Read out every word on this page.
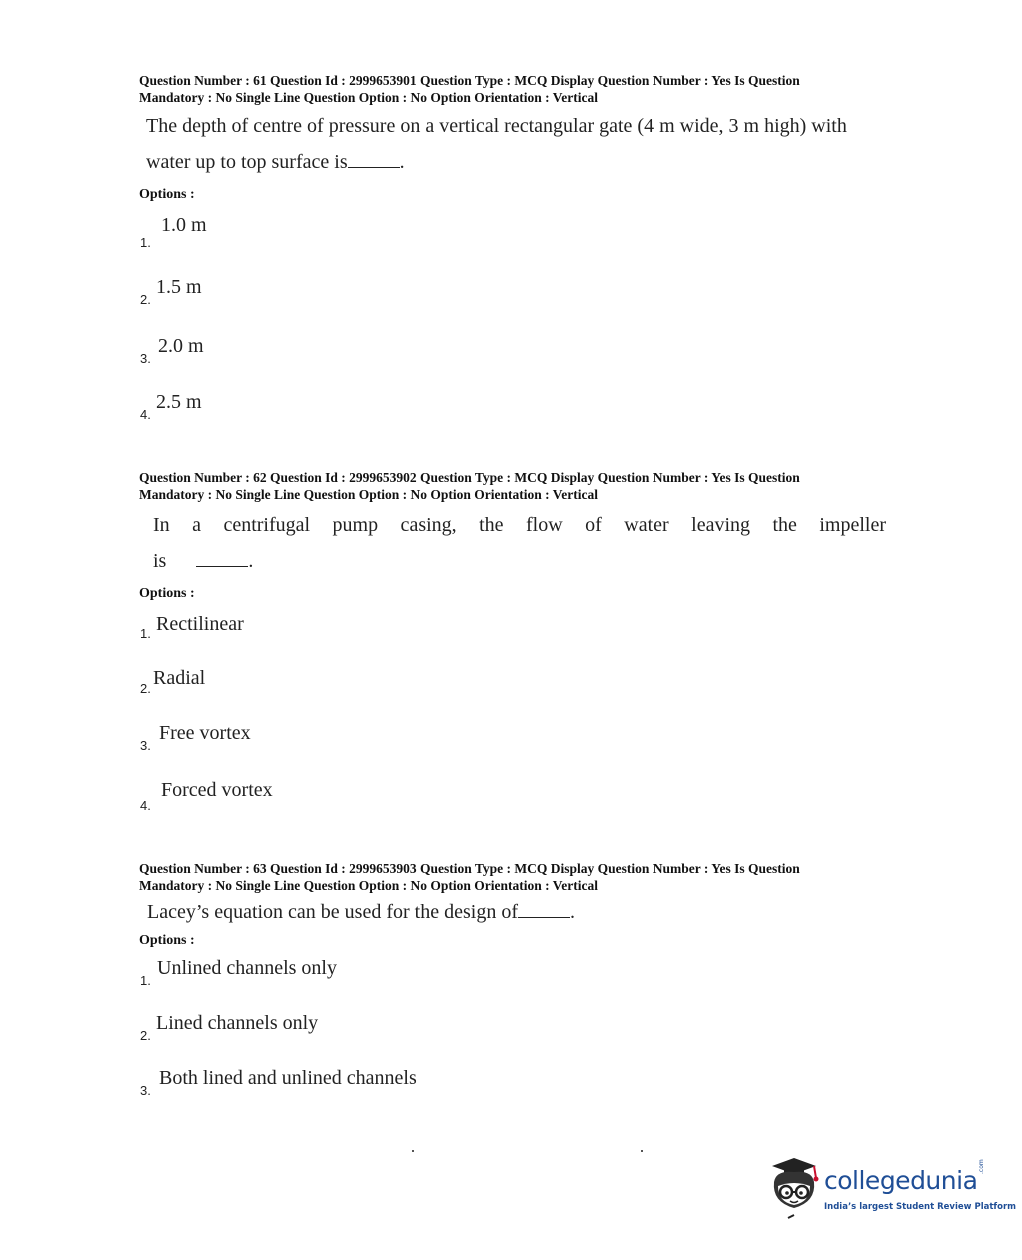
Question Number : 61 Question Id : 2999653901 Question Type : MCQ Display Question Number : Yes Is Question
Mandatory : No Single Line Question Option : No Option Orientation : Vertical
The depth of centre of pressure on a vertical rectangular gate (4 m wide, 3 m high) with
water up to top surface is	.
Options :
1.0 m
1.
1.5 m
2.
2.0 m
3.
2.5 m
4.
Question Number : 62 Question Id : 2999653902 Question Type : MCQ Display Question Number : Yes Is Question
Mandatory : No Single Line Question Option : No Option Orientation : Vertical
In a centrifugal pump casing, the flow of water leaving the impeller
is	.
Options :
Rectilinear
1.
Radial
2.
Free vortex
3.
Forced vortex
4.
Question Number : 63 Question Id : 2999653903 Question Type : MCQ Display Question Number : Yes Is Question
Mandatory : No Single Line Question Option : No Option Orientation : Vertical
Lacey’s equation can be used for the design of	.
Options :
Unlined channels only
1.
Lined channels only
2.
Both lined and unlined channels
3.
collegedunia .com
India’s largest Student Review Platform
